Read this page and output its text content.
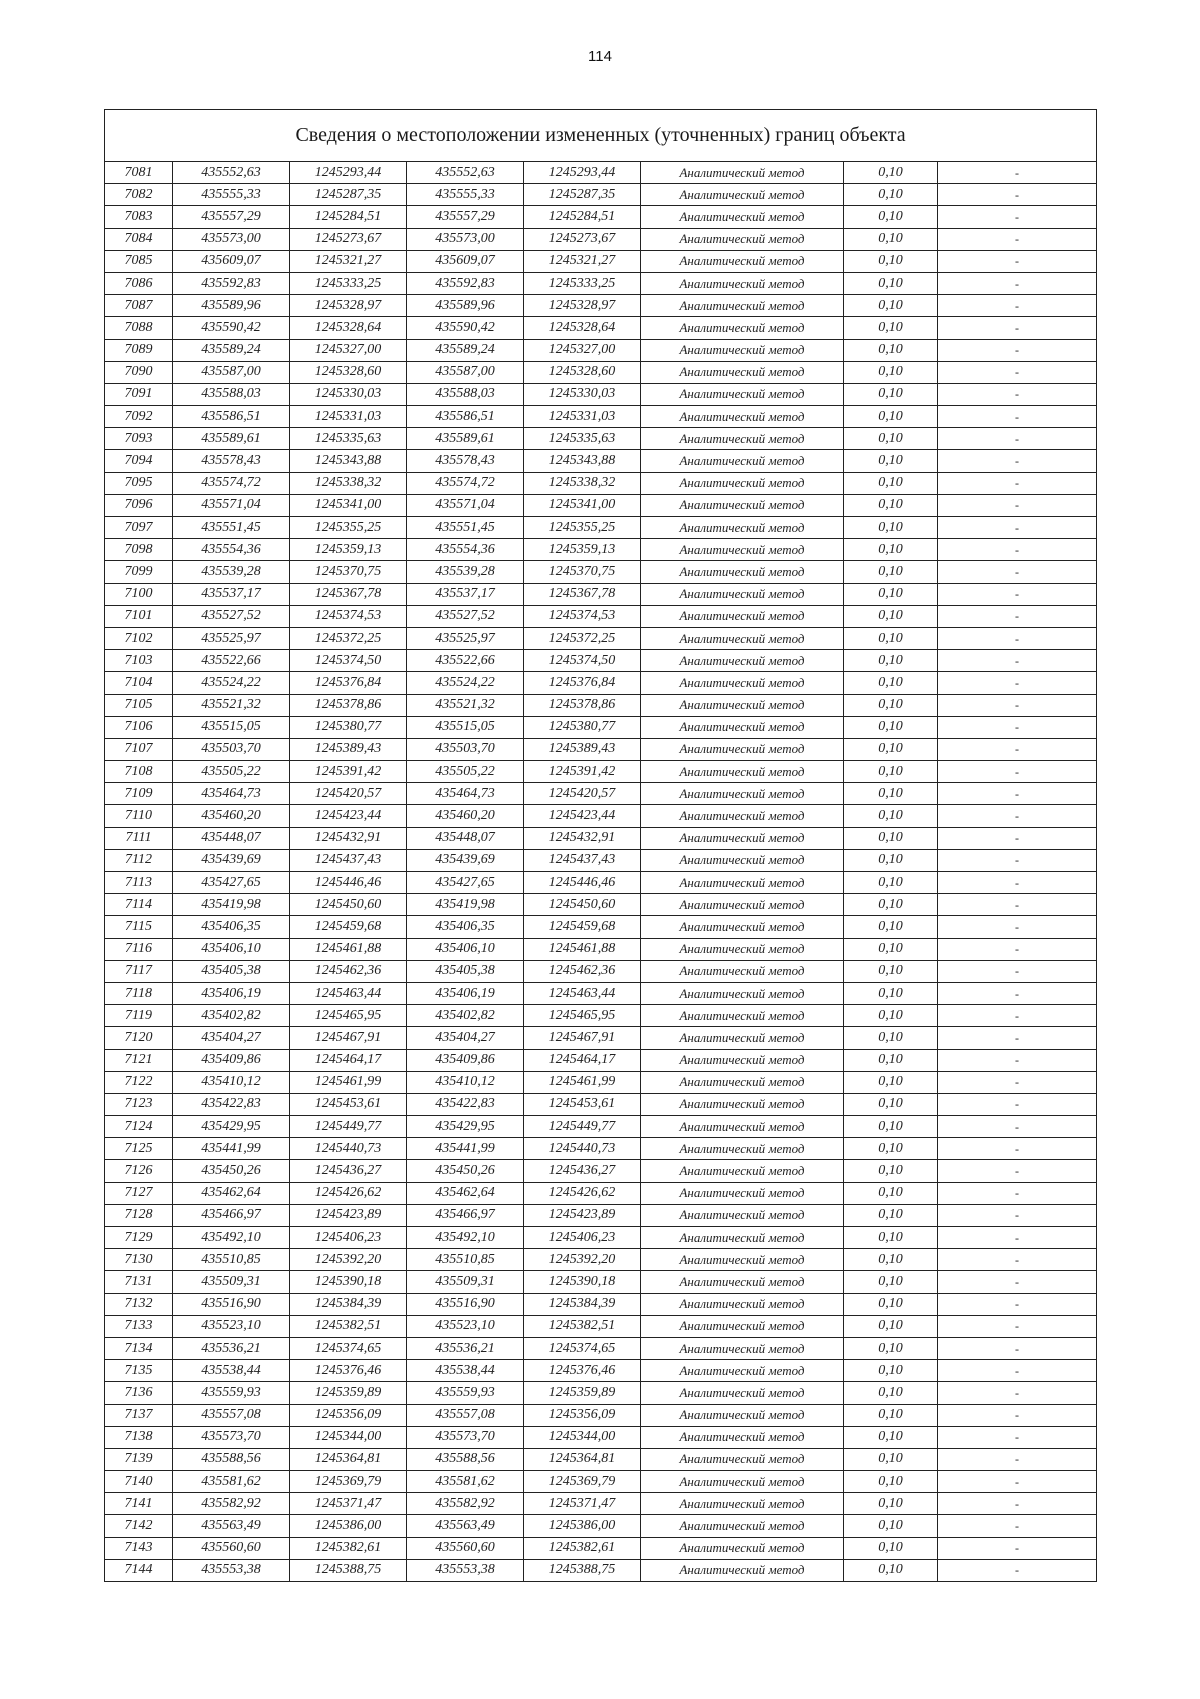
114
Сведения о местоположении измененных (уточненных) границ объекта							
7081	435552,63	1245293,44	435552,63	1245293,44	Аналитический метод	0,10	-
7082	435555,33	1245287,35	435555,33	1245287,35	Аналитический метод	0,10	-
7083	435557,29	1245284,51	435557,29	1245284,51	Аналитический метод	0,10	-
7084	435573,00	1245273,67	435573,00	1245273,67	Аналитический метод	0,10	-
7085	435609,07	1245321,27	435609,07	1245321,27	Аналитический метод	0,10	-
7086	435592,83	1245333,25	435592,83	1245333,25	Аналитический метод	0,10	-
7087	435589,96	1245328,97	435589,96	1245328,97	Аналитический метод	0,10	-
7088	435590,42	1245328,64	435590,42	1245328,64	Аналитический метод	0,10	-
7089	435589,24	1245327,00	435589,24	1245327,00	Аналитический метод	0,10	-
7090	435587,00	1245328,60	435587,00	1245328,60	Аналитический метод	0,10	-
7091	435588,03	1245330,03	435588,03	1245330,03	Аналитический метод	0,10	-
7092	435586,51	1245331,03	435586,51	1245331,03	Аналитический метод	0,10	-
7093	435589,61	1245335,63	435589,61	1245335,63	Аналитический метод	0,10	-
7094	435578,43	1245343,88	435578,43	1245343,88	Аналитический метод	0,10	-
7095	435574,72	1245338,32	435574,72	1245338,32	Аналитический метод	0,10	-
7096	435571,04	1245341,00	435571,04	1245341,00	Аналитический метод	0,10	-
7097	435551,45	1245355,25	435551,45	1245355,25	Аналитический метод	0,10	-
7098	435554,36	1245359,13	435554,36	1245359,13	Аналитический метод	0,10	-
7099	435539,28	1245370,75	435539,28	1245370,75	Аналитический метод	0,10	-
7100	435537,17	1245367,78	435537,17	1245367,78	Аналитический метод	0,10	-
7101	435527,52	1245374,53	435527,52	1245374,53	Аналитический метод	0,10	-
7102	435525,97	1245372,25	435525,97	1245372,25	Аналитический метод	0,10	-
7103	435522,66	1245374,50	435522,66	1245374,50	Аналитический метод	0,10	-
7104	435524,22	1245376,84	435524,22	1245376,84	Аналитический метод	0,10	-
7105	435521,32	1245378,86	435521,32	1245378,86	Аналитический метод	0,10	-
7106	435515,05	1245380,77	435515,05	1245380,77	Аналитический метод	0,10	-
7107	435503,70	1245389,43	435503,70	1245389,43	Аналитический метод	0,10	-
7108	435505,22	1245391,42	435505,22	1245391,42	Аналитический метод	0,10	-
7109	435464,73	1245420,57	435464,73	1245420,57	Аналитический метод	0,10	-
7110	435460,20	1245423,44	435460,20	1245423,44	Аналитический метод	0,10	-
7111	435448,07	1245432,91	435448,07	1245432,91	Аналитический метод	0,10	-
7112	435439,69	1245437,43	435439,69	1245437,43	Аналитический метод	0,10	-
7113	435427,65	1245446,46	435427,65	1245446,46	Аналитический метод	0,10	-
7114	435419,98	1245450,60	435419,98	1245450,60	Аналитический метод	0,10	-
7115	435406,35	1245459,68	435406,35	1245459,68	Аналитический метод	0,10	-
7116	435406,10	1245461,88	435406,10	1245461,88	Аналитический метод	0,10	-
7117	435405,38	1245462,36	435405,38	1245462,36	Аналитический метод	0,10	-
7118	435406,19	1245463,44	435406,19	1245463,44	Аналитический метод	0,10	-
7119	435402,82	1245465,95	435402,82	1245465,95	Аналитический метод	0,10	-
7120	435404,27	1245467,91	435404,27	1245467,91	Аналитический метод	0,10	-
7121	435409,86	1245464,17	435409,86	1245464,17	Аналитический метод	0,10	-
7122	435410,12	1245461,99	435410,12	1245461,99	Аналитический метод	0,10	-
7123	435422,83	1245453,61	435422,83	1245453,61	Аналитический метод	0,10	-
7124	435429,95	1245449,77	435429,95	1245449,77	Аналитический метод	0,10	-
7125	435441,99	1245440,73	435441,99	1245440,73	Аналитический метод	0,10	-
7126	435450,26	1245436,27	435450,26	1245436,27	Аналитический метод	0,10	-
7127	435462,64	1245426,62	435462,64	1245426,62	Аналитический метод	0,10	-
7128	435466,97	1245423,89	435466,97	1245423,89	Аналитический метод	0,10	-
7129	435492,10	1245406,23	435492,10	1245406,23	Аналитический метод	0,10	-
7130	435510,85	1245392,20	435510,85	1245392,20	Аналитический метод	0,10	-
7131	435509,31	1245390,18	435509,31	1245390,18	Аналитический метод	0,10	-
7132	435516,90	1245384,39	435516,90	1245384,39	Аналитический метод	0,10	-
7133	435523,10	1245382,51	435523,10	1245382,51	Аналитический метод	0,10	-
7134	435536,21	1245374,65	435536,21	1245374,65	Аналитический метод	0,10	-
7135	435538,44	1245376,46	435538,44	1245376,46	Аналитический метод	0,10	-
7136	435559,93	1245359,89	435559,93	1245359,89	Аналитический метод	0,10	-
7137	435557,08	1245356,09	435557,08	1245356,09	Аналитический метод	0,10	-
7138	435573,70	1245344,00	435573,70	1245344,00	Аналитический метод	0,10	-
7139	435588,56	1245364,81	435588,56	1245364,81	Аналитический метод	0,10	-
7140	435581,62	1245369,79	435581,62	1245369,79	Аналитический метод	0,10	-
7141	435582,92	1245371,47	435582,92	1245371,47	Аналитический метод	0,10	-
7142	435563,49	1245386,00	435563,49	1245386,00	Аналитический метод	0,10	-
7143	435560,60	1245382,61	435560,60	1245382,61	Аналитический метод	0,10	-
7144	435553,38	1245388,75	435553,38	1245388,75	Аналитический метод	0,10	-
